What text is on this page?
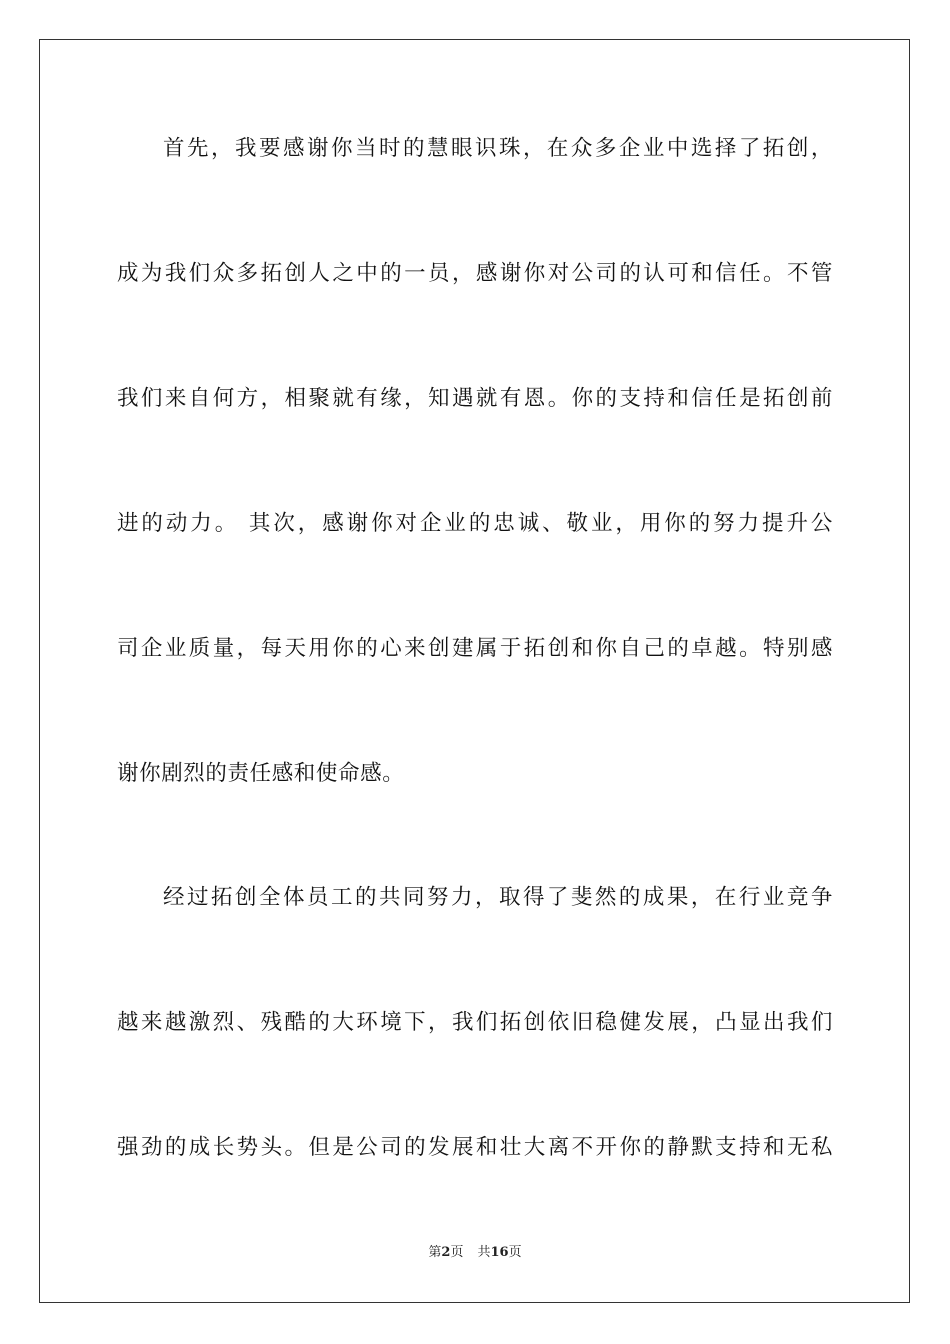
首先，我要感谢你当时的慧眼识珠，在众多企业中选择了拓创，
成为我们众多拓创人之中的一员，感谢你对公司的认可和信任。不管
我们来自何方，相聚就有缘，知遇就有恩。你的支持和信任是拓创前
进的动力。 其次，感谢你对企业的忠诚、敬业，用你的努力提升公
司企业质量，每天用你的心来创建属于拓创和你自己的卓越。特别感
谢你剧烈的责任感和使命感。
经过拓创全体员工的共同努力，取得了斐然的成果，在行业竞争
越来越激烈、残酷的大环境下，我们拓创依旧稳健发展，凸显出我们
强劲的成长势头。但是公司的发展和壮大离不开你的静默支持和无私
第2页 共16页
